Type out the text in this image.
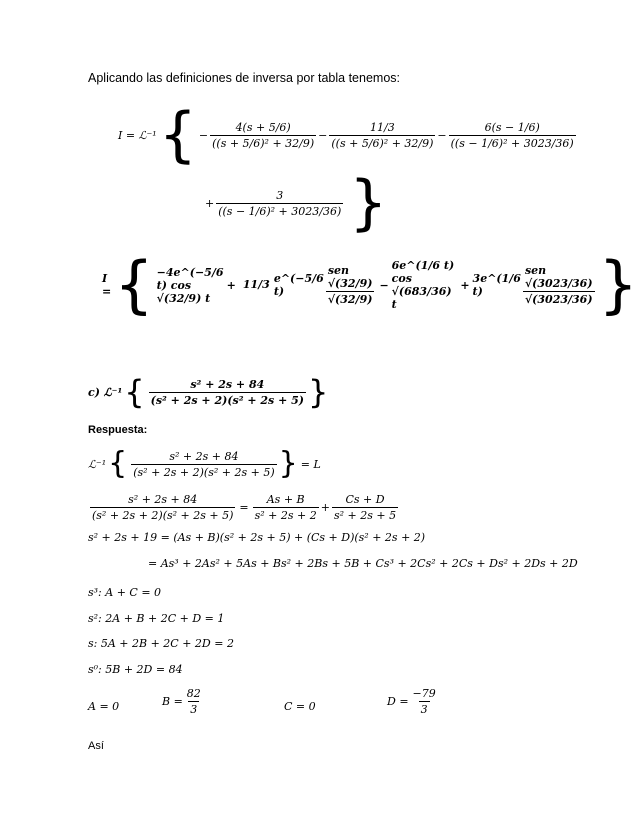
Aplicando las definiciones de inversa por tabla tenemos:
I = ℒ⁻¹ { − $\frac{4(s + 5/6)}{\text{((s + 5/6)² + 32/9)}} - \frac{11/3}{\text{((s + 5/6)² + 32/9)}} - \frac{6(s - 1/6)}{\text{((s − 1/6)² + 3023/36)}}$
+ $\frac{3}{\text{((s − 1/6)² + 3023/36)}}$ }
I = { −4e^(−5/6 t) cos √(32/9) t
+ 11/3 e^(−5/6 t)	$\frac{\text{sen √(32/9)}}{√(32/9)}$ −
6e^(1/6 t) cos √(683/36) t
+ 3e^(1/6 t)	$\frac{\text{sen √(3023/36)}}{√(3023/36)}$ }
c) ℒ⁻¹ { $\frac{\text{s² + 2s + 84}}{\text{(s² + 2s + 2)(s² + 2s + 5)}}$ }
Respuesta:
ℒ⁻¹ { $\frac{\text{s² + 2s + 84}}{\text{(s² + 2s + 2)(s² + 2s + 5)}}$ } = L
$\frac{\text{s² + 2s + 84}}{\text{(s² + 2s + 2)(s² + 2s + 5)}} = \frac{As + B}{\text{s² + 2s + 2}} + \frac{Cs + D}{\text{s² + 2s + 5}}$
s² + 2s + 19 = (As + B)(s² + 2s + 5) + (Cs + D)(s² + 2s + 2)
= As³ + 2As² + 5As + Bs² + 2Bs + 5B + Cs³ + 2Cs² + 2Cs + Ds² + 2Ds + 2D
s³: A + C = 0
s²: 2A + B + 2C + D = 1
s: 5A + 2B + 2C + 2D = 2
s⁰: 5B + 2D = 84
A = 0	$B = \frac{82}{3}$	C = 0	$D = \frac{-79}{3}$
Así
